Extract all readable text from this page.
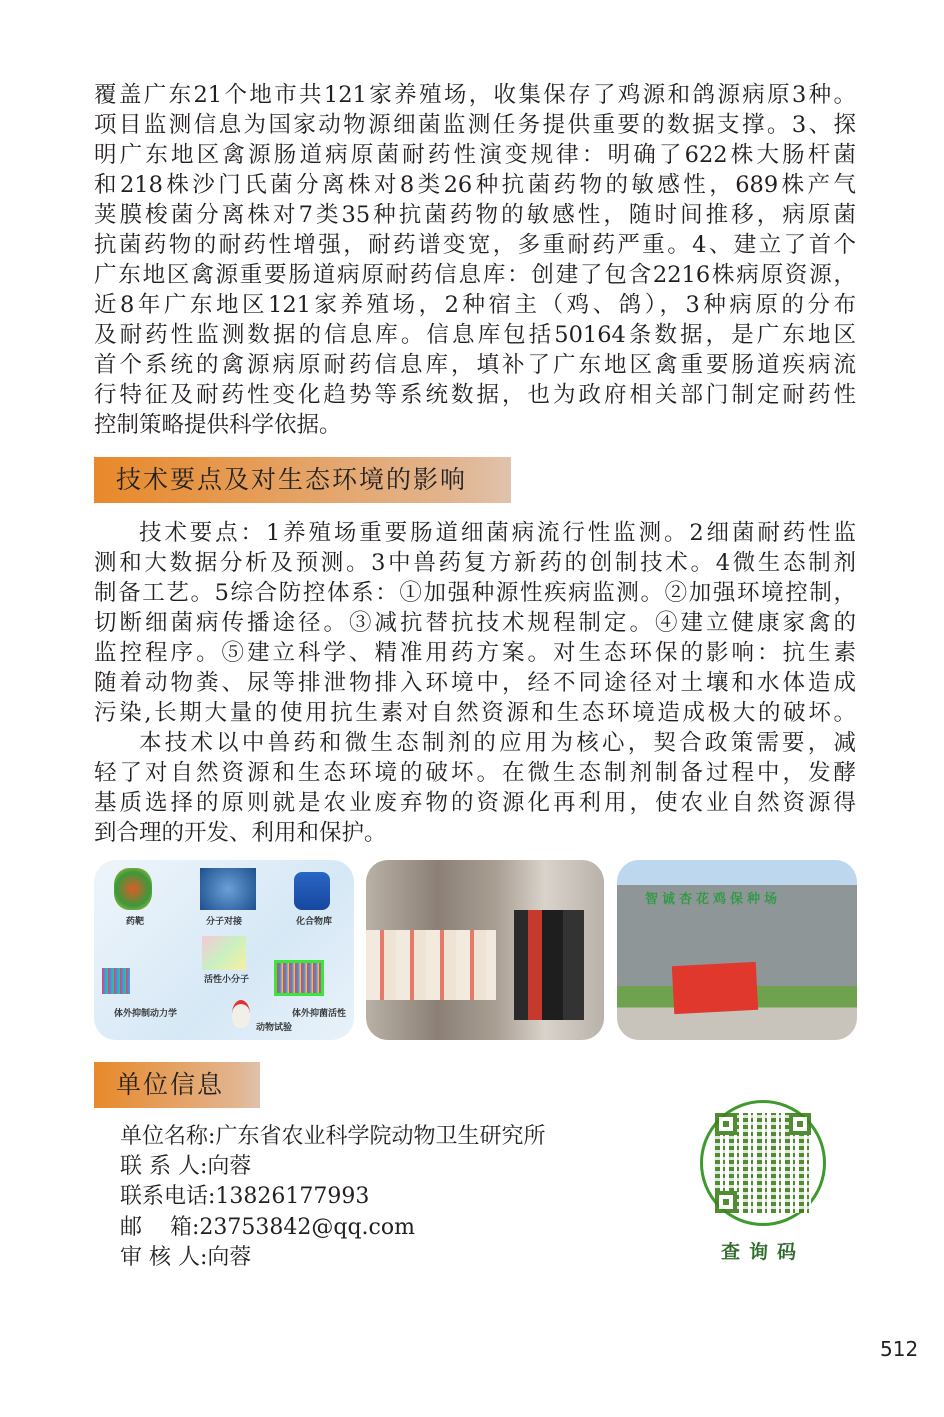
覆盖广东21个地市共121家养殖场，收集保存了鸡源和鸽源病原3种。
项目监测信息为国家动物源细菌监测任务提供重要的数据支撑。3、探
明广东地区禽源肠道病原菌耐药性演变规律：明确了622株大肠杆菌
和218株沙门氏菌分离株对8类26种抗菌药物的敏感性，689株产气
荚膜梭菌分离株对7类35种抗菌药物的敏感性，随时间推移，病原菌
抗菌药物的耐药性增强，耐药谱变宽，多重耐药严重。4、建立了首个
广东地区禽源重要肠道病原耐药信息库：创建了包含2216株病原资源，
近8年广东地区121家养殖场，2种宿主（鸡、鸽），3种病原的分布
及耐药性监测数据的信息库。信息库包括50164条数据，是广东地区
首个系统的禽源病原耐药信息库，填补了广东地区禽重要肠道疾病流
行特征及耐药性变化趋势等系统数据，也为政府相关部门制定耐药性
控制策略提供科学依据。
技术要点及对生态环境的影响
技术要点：1养殖场重要肠道细菌病流行性监测。2细菌耐药性监
测和大数据分析及预测。3中兽药复方新药的创制技术。4微生态制剂
制备工艺。5综合防控体系：①加强种源性疾病监测。②加强环境控制，
切断细菌病传播途径。③减抗替抗技术规程制定。④建立健康家禽的
监控程序。⑤建立科学、精准用药方案。对生态环保的影响：抗生素
随着动物粪、尿等排泄物排入环境中，经不同途径对土壤和水体造成
污染,长期大量的使用抗生素对自然资源和生态环境造成极大的破坏。
本技术以中兽药和微生态制剂的应用为核心，契合政策需要，减
轻了对自然资源和生态环境的破坏。在微生态制剂制备过程中，发酵
基质选择的原则就是农业废弃物的资源化再利用，使农业自然资源得
到合理的开发、利用和保护。
药靶	分子对接	化合物库
活性小分子
体外抑制动力学	体外抑菌活性
动物试验
智诚杏花鸡保种场
单位信息
单位名称:广东省农业科学院动物卫生研究所
联 系 人:向蓉
联系电话:13826177993
邮    箱:23753842@qq.com
审 核 人:向蓉	查询码
512
